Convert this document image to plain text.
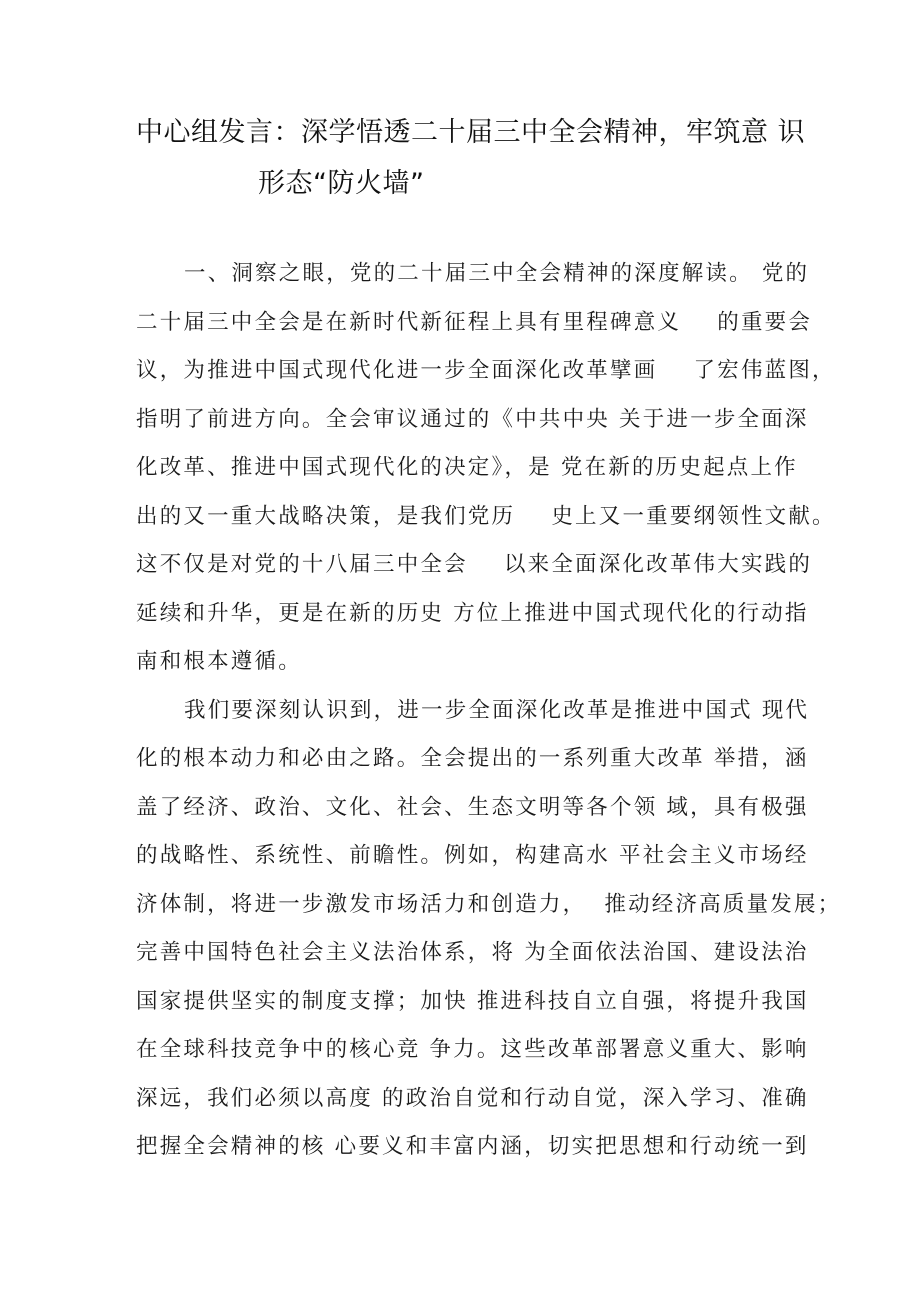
中心组发言：深学悟透二十届三中全会精神，牢筑意 识
形态“防火墙”
一、洞察之眼，党的二十届三中全会精神的深度解读。 党的
二十届三中全会是在新时代新征程上具有里程碑意义    的重要会
议，为推进中国式现代化进一步全面深化改革擘画    了宏伟蓝图，
指明了前进方向。全会审议通过的《中共中央 关于进一步全面深
化改革、推进中国式现代化的决定》，是 党在新的历史起点上作
出的又一重大战略决策，是我们党历    史上又一重要纲领性文献。
这不仅是对党的十八届三中全会    以来全面深化改革伟大实践的
延续和升华，更是在新的历史 方位上推进中国式现代化的行动指
南和根本遵循。
我们要深刻认识到，进一步全面深化改革是推进中国式 现代
化的根本动力和必由之路。全会提出的一系列重大改革 举措，涵
盖了经济、政治、文化、社会、生态文明等各个领 域，具有极强
的战略性、系统性、前瞻性。例如，构建高水 平社会主义市场经
济体制，将进一步激发市场活力和创造力，  推动经济高质量发展；
完善中国特色社会主义法治体系，将 为全面依法治国、建设法治
国家提供坚实的制度支撑；加快 推进科技自立自强，将提升我国
在全球科技竞争中的核心竞 争力。这些改革部署意义重大、影响
深远，我们必须以高度 的政治自觉和行动自觉，深入学习、准确
把握全会精神的核 心要义和丰富内涵，切实把思想和行动统一到
